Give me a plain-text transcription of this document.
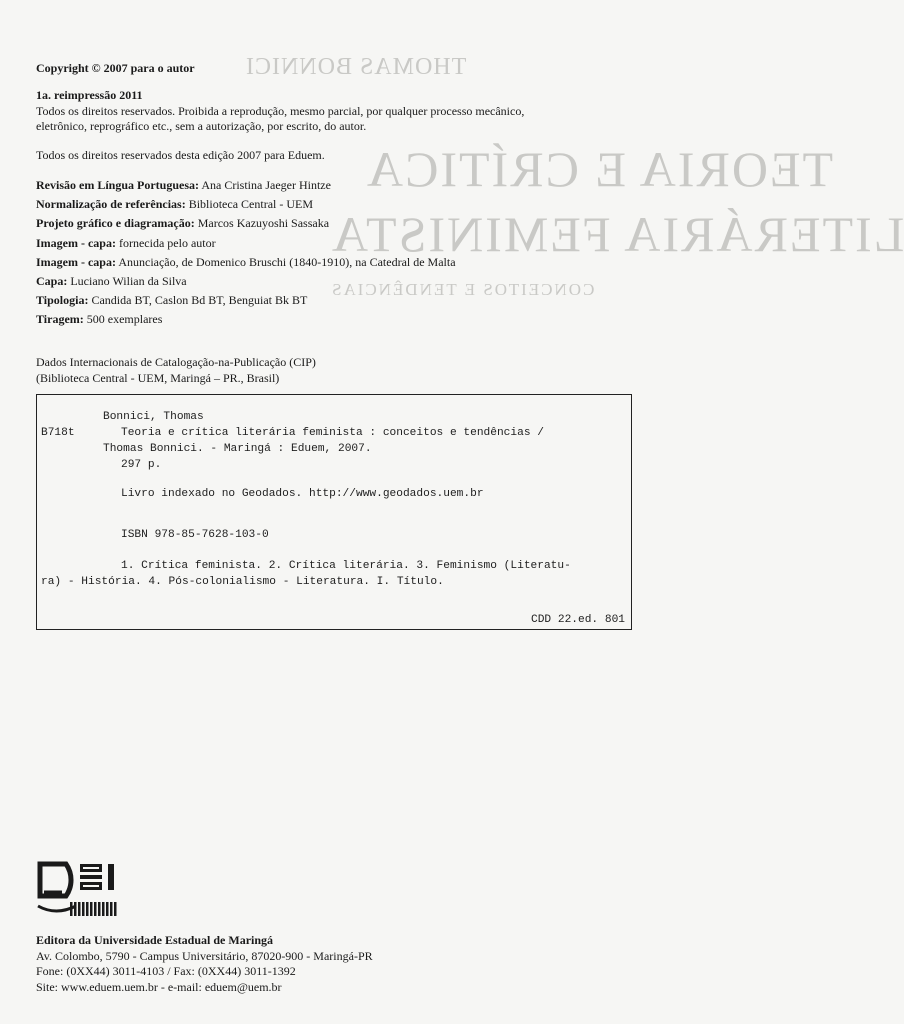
THOMAS BONNICI
TEORIA E CRÍTICA
LITERÁRIA FEMINISTA
CONCEITOS E TENDÊNCIAS
Copyright © 2007 para o autor
1a. reimpressão 2011
Todos os direitos reservados. Proibida a reprodução, mesmo parcial, por qualquer processo mecânico,
eletrônico, reprográfico etc., sem a autorização, por escrito, do autor.
Todos os direitos reservados desta edição 2007 para Eduem.
Revisão em Língua Portuguesa: Ana Cristina Jaeger Hintze
Normalização de referências: Biblioteca Central - UEM
Projeto gráfico e diagramação: Marcos Kazuyoshi Sassaka
Imagem - capa: fornecida pelo autor
Imagem - capa: Anunciação, de Domenico Bruschi (1840-1910), na Catedral de Malta
Capa: Luciano Wilian da Silva
Tipologia: Candida BT, Caslon Bd BT, Benguiat Bk BT
Tiragem: 500 exemplares
Dados Internacionais de Catalogação-na-Publicação (CIP)
(Biblioteca Central - UEM, Maringá – PR., Brasil)
Bonnici, Thomas
B718t	Teoria e crítica literária feminista : conceitos e tendências /
Thomas Bonnici. - Maringá : Eduem, 2007.
297 p.
Livro indexado no Geodados. http://www.geodados.uem.br
ISBN 978-85-7628-103-0
1. Crítica feminista. 2. Crítica literária. 3. Feminismo (Literatu-
ra) - História. 4. Pós-colonialismo - Literatura. I. Título.
CDD 22.ed. 801
Editora da Universidade Estadual de Maringá
Av. Colombo, 5790 - Campus Universitário, 87020-900 - Maringá-PR
Fone: (0XX44) 3011-4103 / Fax: (0XX44) 3011-1392
Site: www.eduem.uem.br - e-mail: eduem@uem.br
